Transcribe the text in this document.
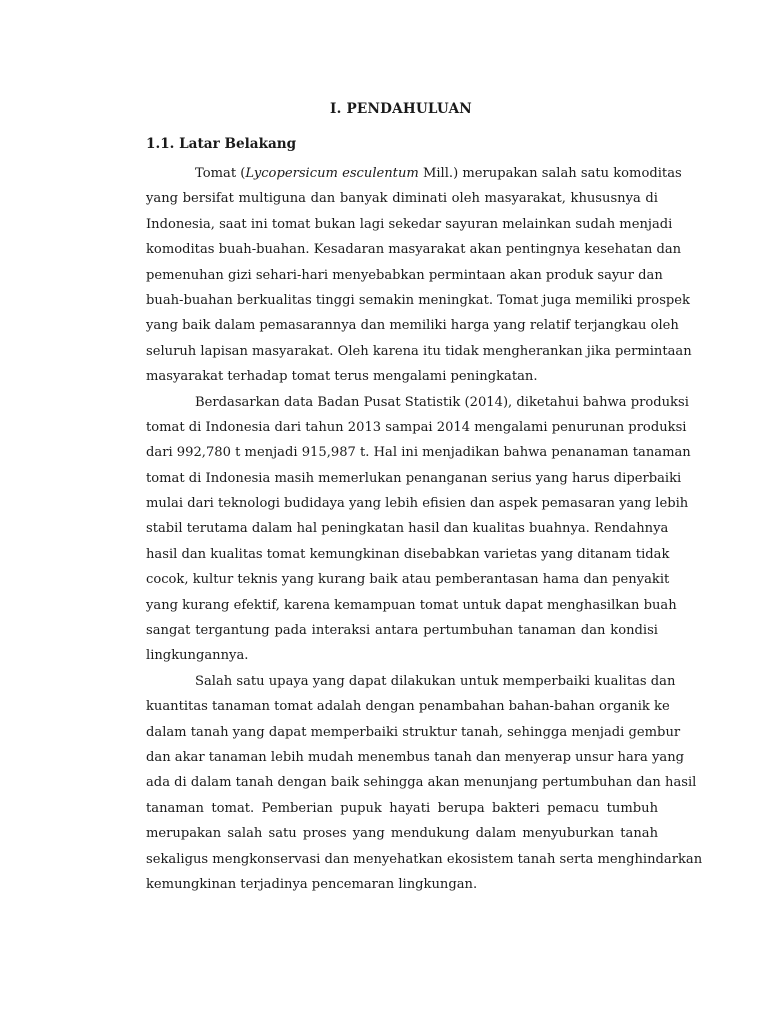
I. PENDAHULUAN
1.1. Latar Belakang
Tomat (Lycopersicum esculentum Mill.) merupakan salah satu komoditas
yang bersifat multiguna dan banyak diminati oleh masyarakat, khususnya di
Indonesia, saat ini tomat bukan lagi sekedar sayuran melainkan sudah menjadi
komoditas buah-buahan. Kesadaran masyarakat akan pentingnya kesehatan dan
pemenuhan gizi sehari-hari menyebabkan permintaan akan produk sayur dan
buah-buahan berkualitas tinggi semakin meningkat. Tomat juga memiliki prospek
yang baik dalam pemasarannya dan memiliki harga yang relatif terjangkau oleh
seluruh lapisan masyarakat. Oleh karena itu tidak mengherankan jika permintaan
masyarakat terhadap tomat terus mengalami peningkatan.
Berdasarkan data Badan Pusat Statistik (2014), diketahui bahwa produksi
tomat di Indonesia dari tahun 2013 sampai 2014 mengalami penurunan produksi
dari 992,780 t menjadi 915,987 t. Hal ini menjadikan bahwa penanaman tanaman
tomat di Indonesia masih memerlukan penanganan serius yang harus diperbaiki
mulai dari teknologi budidaya yang lebih efisien dan aspek pemasaran yang lebih
stabil terutama dalam hal peningkatan hasil dan kualitas buahnya. Rendahnya
hasil dan kualitas tomat kemungkinan disebabkan varietas yang ditanam tidak
cocok, kultur teknis yang kurang baik atau pemberantasan hama dan penyakit
yang kurang efektif, karena kemampuan tomat untuk dapat menghasilkan buah
sangat tergantung pada interaksi antara pertumbuhan tanaman dan kondisi
lingkungannya.
Salah satu upaya yang dapat dilakukan untuk memperbaiki kualitas dan
kuantitas tanaman tomat adalah dengan penambahan bahan-bahan organik ke
dalam tanah yang dapat memperbaiki struktur tanah, sehingga menjadi gembur
dan akar tanaman lebih mudah menembus tanah dan menyerap unsur hara yang
ada di dalam tanah dengan baik sehingga akan menunjang pertumbuhan dan hasil
tanaman tomat. Pemberian pupuk hayati berupa bakteri pemacu tumbuh
merupakan salah satu proses yang mendukung dalam menyuburkan tanah
sekaligus mengkonservasi dan menyehatkan ekosistem tanah serta menghindarkan
kemungkinan terjadinya pencemaran lingkungan.
